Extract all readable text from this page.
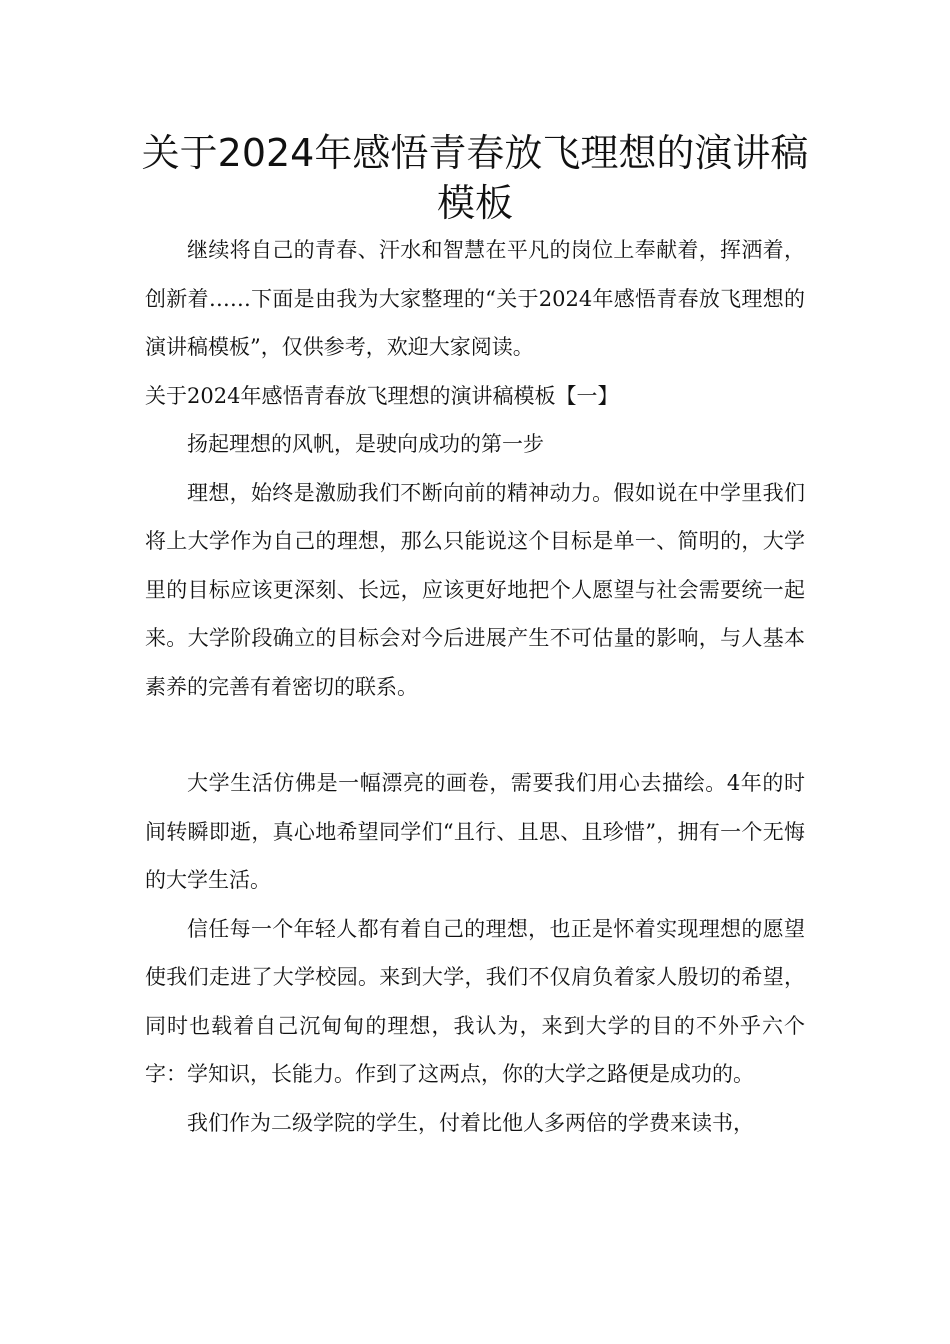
关于2024年感悟青春放飞理想的演讲稿模板

继续将自己的青春、汗水和智慧在平凡的岗位上奉献着，挥洒着，创新着……下面是由我为大家整理的“关于2024年感悟青春放飞理想的演讲稿模板”，仅供参考，欢迎大家阅读。

关于2024年感悟青春放飞理想的演讲稿模板【一】

扬起理想的风帆，是驶向成功的第一步

理想，始终是激励我们不断向前的精神动力。假如说在中学里我们将上大学作为自己的理想，那么只能说这个目标是单一、简明的，大学里的目标应该更深刻、长远，应该更好地把个人愿望与社会需要统一起来。大学阶段确立的目标会对今后进展产生不可估量的影响，与人基本素养的完善有着密切的联系。

大学生活仿佛是一幅漂亮的画卷，需要我们用心去描绘。4年的时间转瞬即逝，真心地希望同学们“且行、且思、且珍惜”，拥有一个无悔的大学生活。

信任每一个年轻人都有着自己的理想，也正是怀着实现理想的愿望使我们走进了大学校园。来到大学，我们不仅肩负着家人殷切的希望，同时也载着自己沉甸甸的理想，我认为，来到大学的目的不外乎六个字：学知识，长能力。作到了这两点，你的大学之路便是成功的。

我们作为二级学院的学生，付着比他人多两倍的学费来读书，
